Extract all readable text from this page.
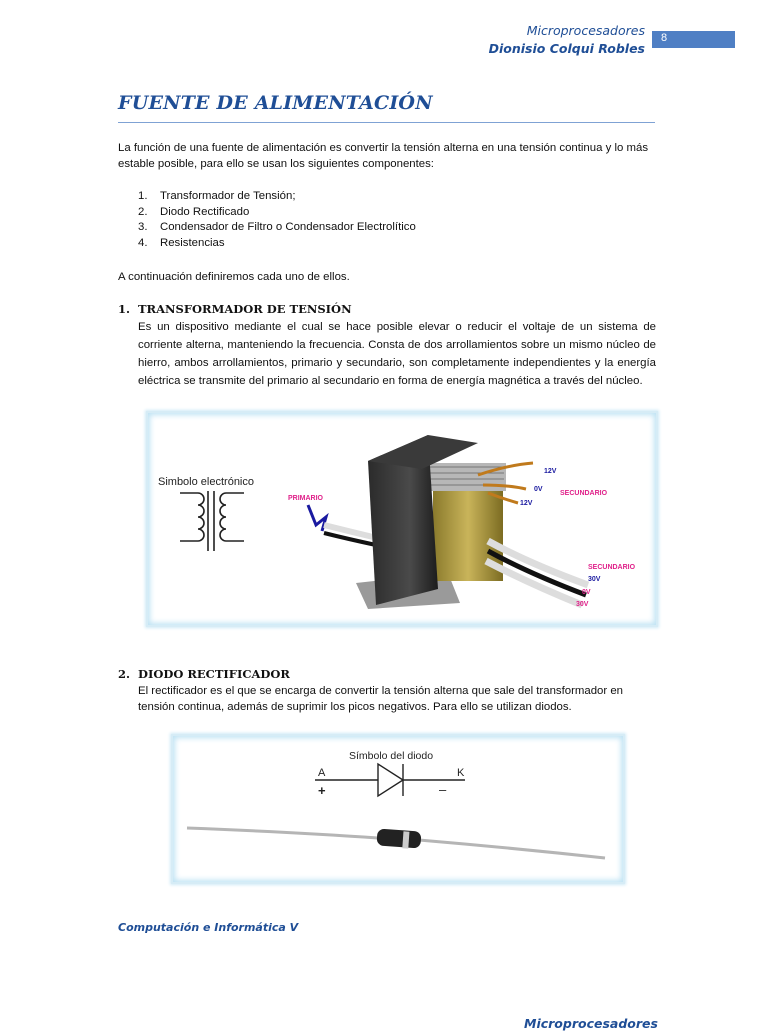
Microprocesadores
Dionisio Colqui Robles
8
FUENTE DE ALIMENTACIÓN
La función de una fuente de alimentación es convertir la tensión alterna en una tensión continua y lo más estable posible, para ello se usan los siguientes componentes:
1. Transformador de Tensión;
2. Diodo Rectificado
3. Condensador de Filtro o Condensador Electrolítico
4. Resistencias
A continuación definiremos cada uno de ellos.
1. TRANSFORMADOR DE TENSIÓN
Es un dispositivo mediante el cual se hace posible elevar o reducir el voltaje de un sistema de corriente alterna, manteniendo la frecuencia. Consta de dos arrollamientos sobre un mismo núcleo de hierro, ambos arrollamientos, primario y secundario, son completamente independientes y la energía eléctrica se transmite del primario al secundario en forma de energía magnética a través del núcleo.
Simbolo electrónico
PRIMARIO
12V
0V
12V
SECUNDARIO
SECUNDARIO
30V
0V
30V
2. DIODO RECTIFICADOR
El rectificador es el que se encarga de convertir la tensión alterna que sale del transformador en tensión continua, además de suprimir los picos negativos. Para ello se utilizan diodos.
Símbolo del diodo
A	K
+	–
Computación e Informática V
Microprocesadores
